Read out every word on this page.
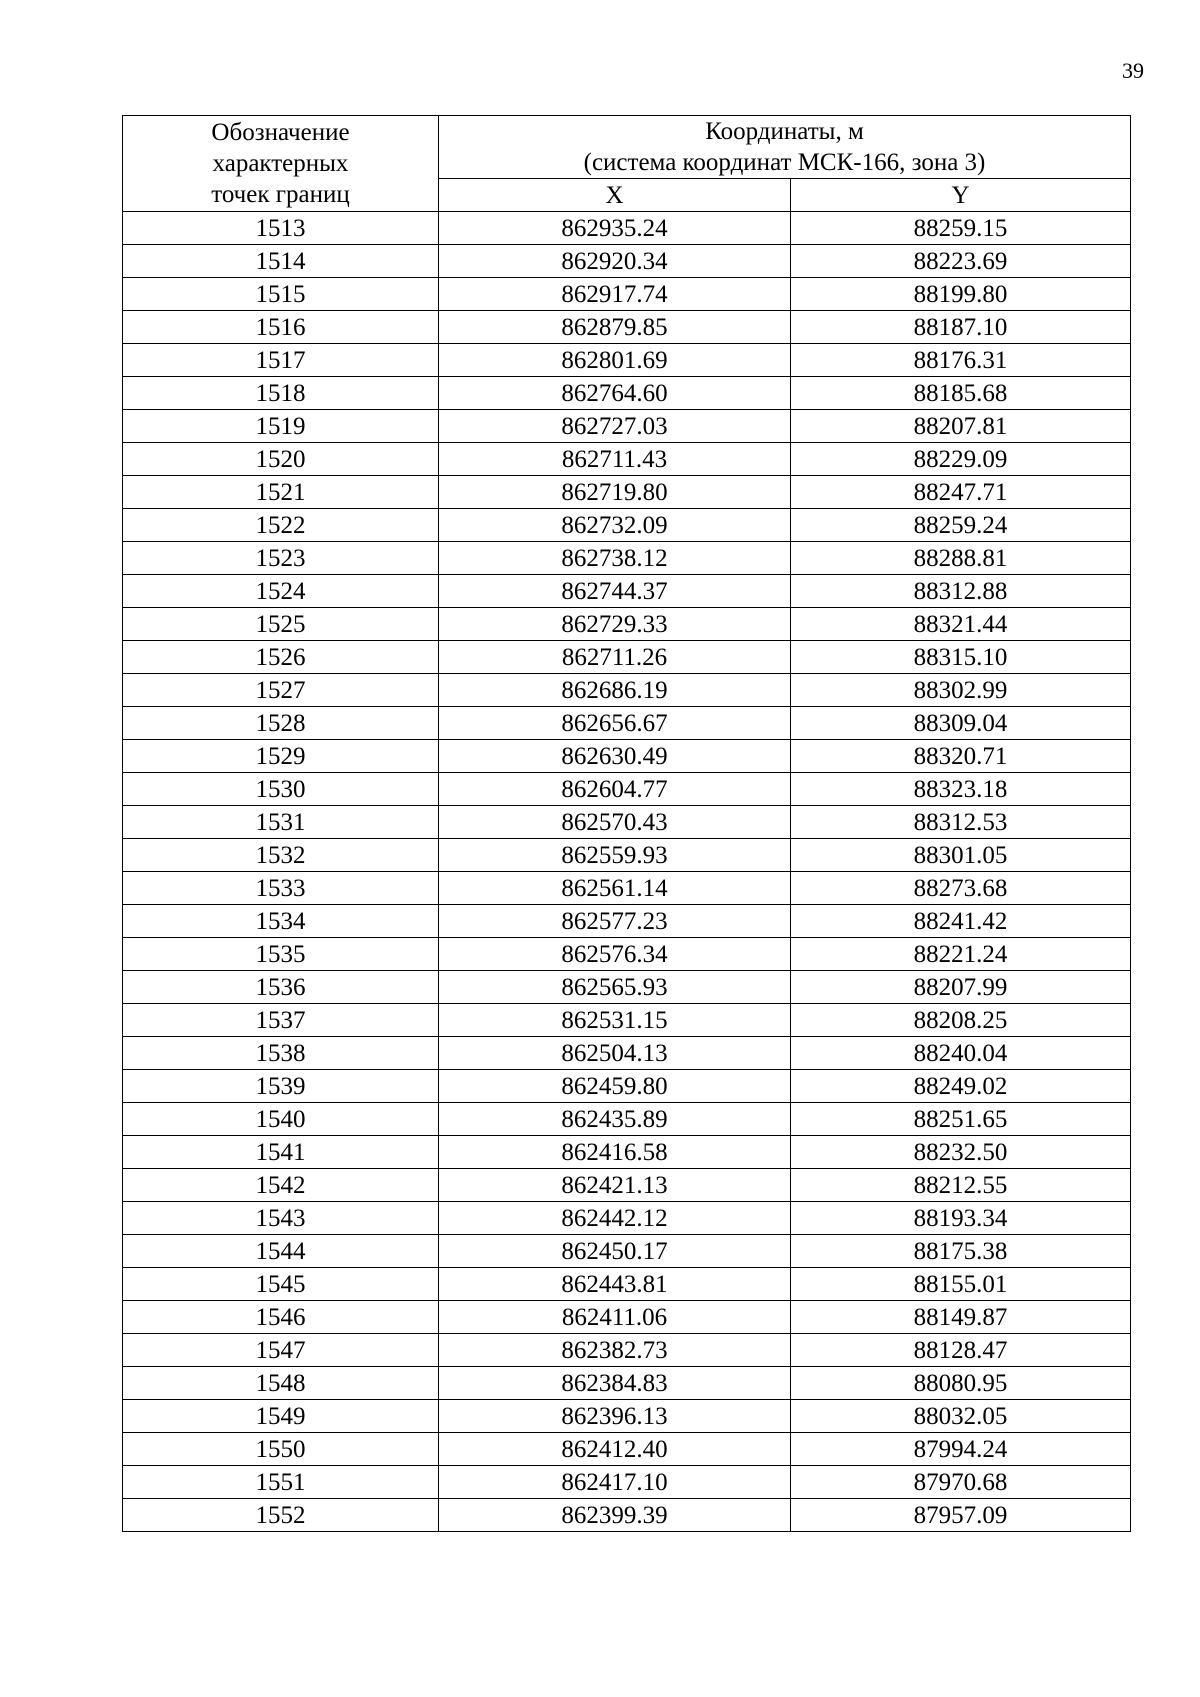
39
Обозначение
характерных
точек границ	Координаты, м
(система координат МСК-166, зона 3)	

	X	Y
1513	862935.24	88259.15
1514	862920.34	88223.69
1515	862917.74	88199.80
1516	862879.85	88187.10
1517	862801.69	88176.31
1518	862764.60	88185.68
1519	862727.03	88207.81
1520	862711.43	88229.09
1521	862719.80	88247.71
1522	862732.09	88259.24
1523	862738.12	88288.81
1524	862744.37	88312.88
1525	862729.33	88321.44
1526	862711.26	88315.10
1527	862686.19	88302.99
1528	862656.67	88309.04
1529	862630.49	88320.71
1530	862604.77	88323.18
1531	862570.43	88312.53
1532	862559.93	88301.05
1533	862561.14	88273.68
1534	862577.23	88241.42
1535	862576.34	88221.24
1536	862565.93	88207.99
1537	862531.15	88208.25
1538	862504.13	88240.04
1539	862459.80	88249.02
1540	862435.89	88251.65
1541	862416.58	88232.50
1542	862421.13	88212.55
1543	862442.12	88193.34
1544	862450.17	88175.38
1545	862443.81	88155.01
1546	862411.06	88149.87
1547	862382.73	88128.47
1548	862384.83	88080.95
1549	862396.13	88032.05
1550	862412.40	87994.24
1551	862417.10	87970.68
1552	862399.39	87957.09
